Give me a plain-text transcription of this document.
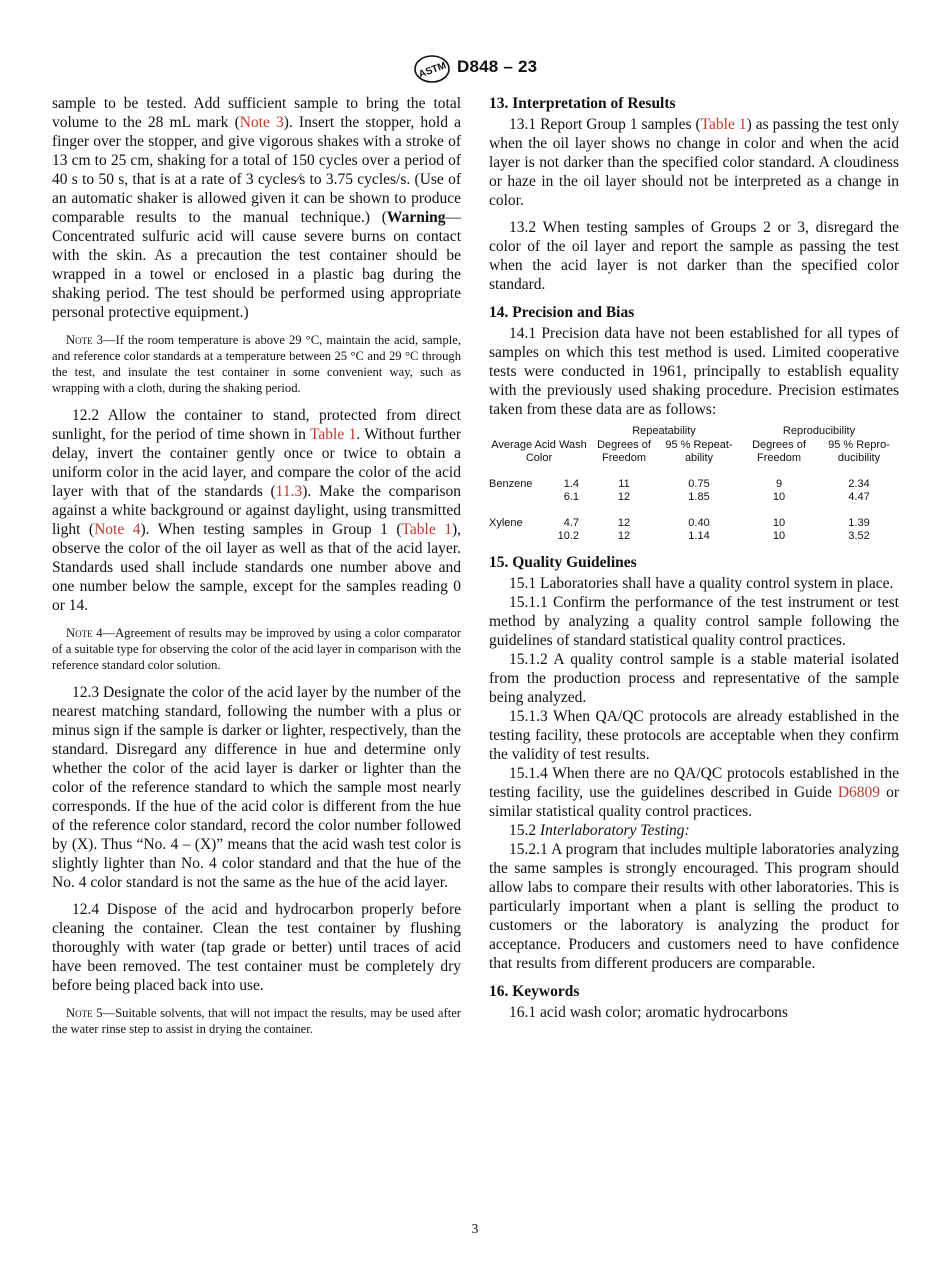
ASTM D848 – 23

sample to be tested. Add sufficient sample to bring the total volume to the 28 mL mark (Note 3). Insert the stopper, hold a finger over the stopper, and give vigorous shakes with a stroke of 13 cm to 25 cm, shaking for a total of 150 cycles over a period of 40 s to 50 s, that is at a rate of 3 cycles⁄s to 3.75 cycles/s. (Use of an automatic shaker is allowed given it can be shown to produce comparable results to the manual technique.) (Warning—Concentrated sulfuric acid will cause severe burns on contact with the skin. As a precaution the test container should be wrapped in a towel or enclosed in a plastic bag during the shaking period. The test should be performed using appropriate personal protective equipment.)

Note 3—If the room temperature is above 29 °C, maintain the acid, sample, and reference color standards at a temperature between 25 °C and 29 °C through the test, and insulate the test container in some convenient way, such as wrapping with a cloth, during the shaking period.

12.2 Allow the container to stand, protected from direct sunlight, for the period of time shown in Table 1. Without further delay, invert the container gently once or twice to obtain a uniform color in the acid layer, and compare the color of the acid layer with that of the standards (11.3). Make the comparison against a white background or against daylight, using transmitted light (Note 4). When testing samples in Group 1 (Table 1), observe the color of the oil layer as well as that of the acid layer. Standards used shall include standards one number above and one number below the sample, except for the samples reading 0 or 14.

Note 4—Agreement of results may be improved by using a color comparator of a suitable type for observing the color of the acid layer in comparison with the reference standard color solution.

12.3 Designate the color of the acid layer by the number of the nearest matching standard, following the number with a plus or minus sign if the sample is darker or lighter, respectively, than the standard. Disregard any difference in hue and determine only whether the color of the acid layer is darker or lighter than the color of the reference standard to which the sample most nearly corresponds. If the hue of the acid color is different from the hue of the reference color standard, record the color number followed by (X). Thus “No. 4 – (X)” means that the acid wash test color is slightly lighter than No. 4 color standard and that the hue of the No. 4 color standard is not the same as the hue of the acid layer.

12.4 Dispose of the acid and hydrocarbon properly before cleaning the container. Clean the test container by flushing thoroughly with water (tap grade or better) until traces of acid have been removed. The test container must be completely dry before being placed back into use.

Note 5—Suitable solvents, that will not impact the results, may be used after the water rinse step to assist in drying the container.

13. Interpretation of Results

13.1 Report Group 1 samples (Table 1) as passing the test only when the oil layer shows no change in color and when the acid layer is not darker than the specified color standard. A cloudiness or haze in the oil layer should not be interpreted as a change in color.

13.2 When testing samples of Groups 2 or 3, disregard the color of the oil layer and report the sample as passing the test when the acid layer is not darker than the specified color standard.

14. Precision and Bias

14.1 Precision data have not been established for all types of samples on which this test method is used. Limited cooperative tests were conducted in 1961, principally to establish equality with the previously used shaking procedure. Precision estimates taken from these data are as follows:

		Repeatability		Reproducibility	
Average Acid Wash Color		Degrees of Freedom	95 % Repeat- ability	Degrees of Freedom	95 % Repro- ducibility

Benzene	1.4	11	0.75	9	2.34
	6.1	12	1.85	10	4.47

Xylene	4.7	12	0.40	10	1.39
	10.2	12	1.14	10	3.52

15. Quality Guidelines

15.1 Laboratories shall have a quality control system in place.

15.1.1 Confirm the performance of the test instrument or test method by analyzing a quality control sample following the guidelines of standard statistical quality control practices.

15.1.2 A quality control sample is a stable material isolated from the production process and representative of the sample being analyzed.

15.1.3 When QA/QC protocols are already established in the testing facility, these protocols are acceptable when they confirm the validity of test results.

15.1.4 When there are no QA/QC protocols established in the testing facility, use the guidelines described in Guide D6809 or similar statistical quality control practices.

15.2 Interlaboratory Testing:

15.2.1 A program that includes multiple laboratories analyzing the same samples is strongly encouraged. This program should allow labs to compare their results with other laboratories. This is particularly important when a plant is selling the product to customers or the laboratory is analyzing the product for acceptance. Producers and customers need to have confidence that results from different producers are comparable.

16. Keywords

16.1 acid wash color; aromatic hydrocarbons

3
